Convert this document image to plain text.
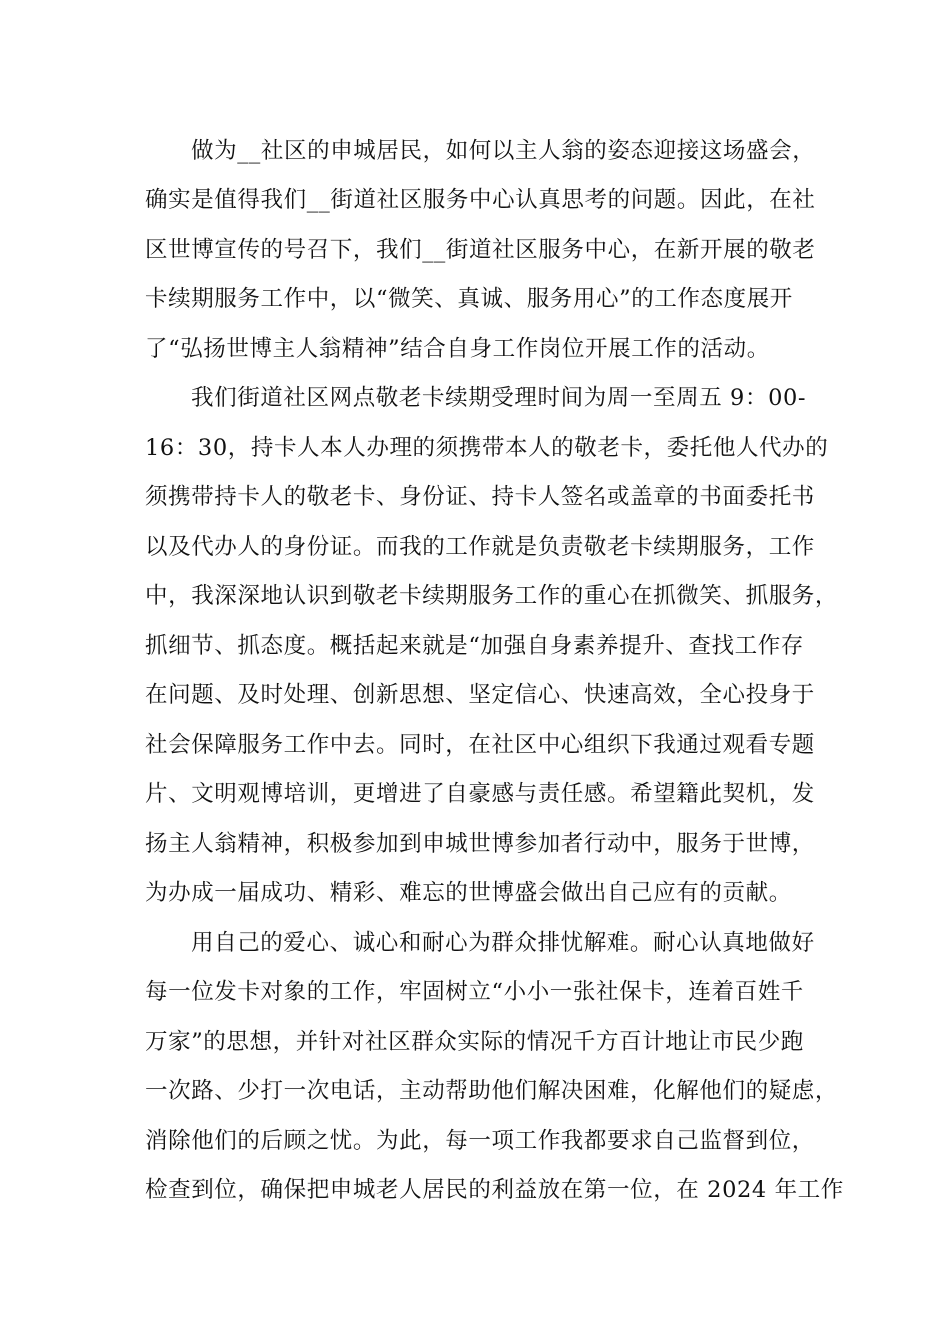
做为__社区的申城居民，如何以主人翁的姿态迎接这场盛会，
确实是值得我们__街道社区服务中心认真思考的问题。因此，在社
区世博宣传的号召下，我们__街道社区服务中心，在新开展的敬老
卡续期服务工作中，以“微笑、真诚、服务用心”的工作态度展开
了“弘扬世博主人翁精神”结合自身工作岗位开展工作的活动。
我们街道社区网点敬老卡续期受理时间为周一至周五 9：00-
16：30，持卡人本人办理的须携带本人的敬老卡，委托他人代办的
须携带持卡人的敬老卡、身份证、持卡人签名或盖章的书面委托书
以及代办人的身份证。而我的工作就是负责敬老卡续期服务，工作
中，我深深地认识到敬老卡续期服务工作的重心在抓微笑、抓服务，
抓细节、抓态度。概括起来就是“加强自身素养提升、查找工作存
在问题、及时处理、创新思想、坚定信心、快速高效，全心投身于
社会保障服务工作中去。同时，在社区中心组织下我通过观看专题
片、文明观博培训，更增进了自豪感与责任感。希望籍此契机，发
扬主人翁精神，积极参加到申城世博参加者行动中，服务于世博，
为办成一届成功、精彩、难忘的世博盛会做出自己应有的贡献。
用自己的爱心、诚心和耐心为群众排忧解难。耐心认真地做好
每一位发卡对象的工作，牢固树立“小小一张社保卡，连着百姓千
万家”的思想，并针对社区群众实际的情况千方百计地让市民少跑
一次路、少打一次电话，主动帮助他们解决困难，化解他们的疑虑，
消除他们的后顾之忧。为此，每一项工作我都要求自己监督到位，
检查到位，确保把申城老人居民的利益放在第一位，在 2024 年工作
